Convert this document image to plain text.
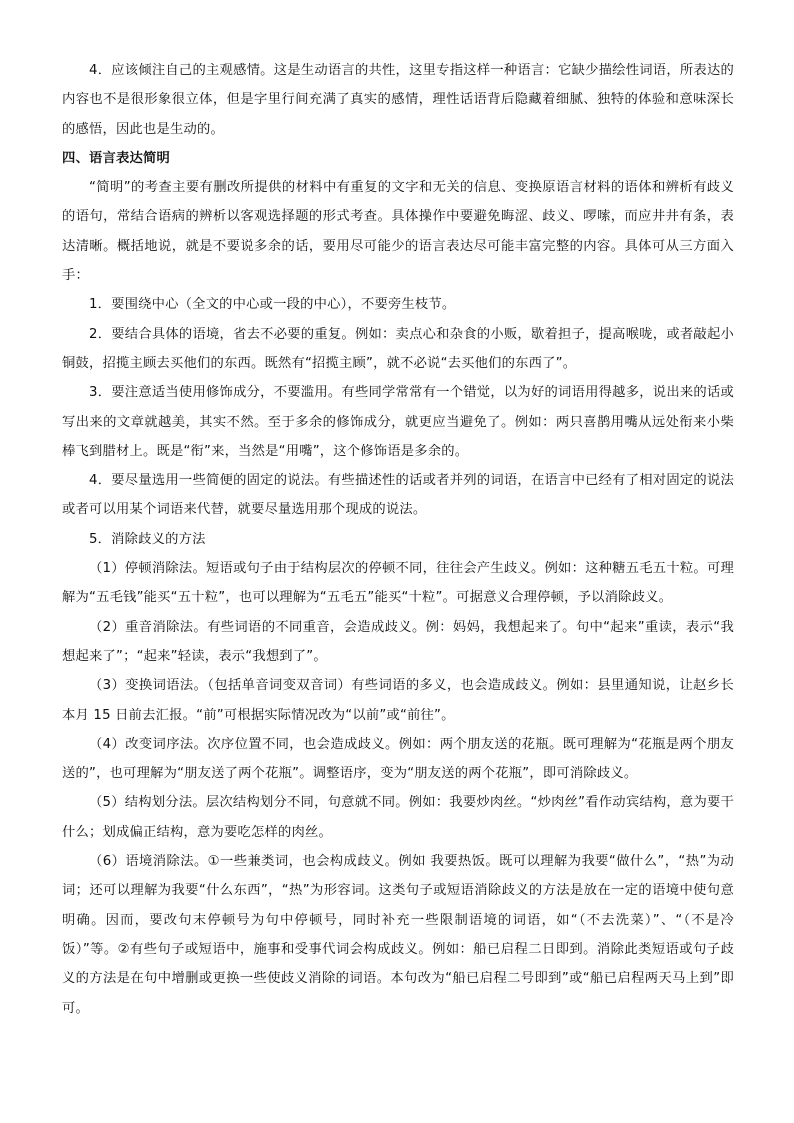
4．应该倾注自己的主观感情。这是生动语言的共性，这里专指这样一种语言：它缺少描绘性词语，所表达的内容也不是很形象很立体，但是字里行间充满了真实的感情，理性话语背后隐藏着细腻、独特的体验和意味深长的感悟，因此也是生动的。

四、语言表达简明

“简明”的考查主要有删改所提供的材料中有重复的文字和无关的信息、变换原语言材料的语体和辨析有歧义的语句，常结合语病的辨析以客观选择题的形式考查。具体操作中要避免晦涩、歧义、啰嗦，而应井井有条，表达清晰。概括地说，就是不要说多余的话，要用尽可能少的语言表达尽可能丰富完整的内容。具体可从三方面入手：

1．要围绕中心（全文的中心或一段的中心），不要旁生枝节。

2．要结合具体的语境，省去不必要的重复。例如：卖点心和杂食的小贩，歇着担子，提高喉咙，或者敲起小铜鼓，招揽主顾去买他们的东西。既然有“招揽主顾”，就不必说“去买他们的东西了”。

3．要注意适当使用修饰成分，不要滥用。有些同学常常有一个错觉，以为好的词语用得越多，说出来的话或写出来的文章就越美，其实不然。至于多余的修饰成分，就更应当避免了。例如：两只喜鹊用嘴从远处衔来小柴棒飞到腊材上。既是“衔”来，当然是“用嘴”，这个修饰语是多余的。

4．要尽量选用一些简便的固定的说法。有些描述性的话或者并列的词语，在语言中已经有了相对固定的说法或者可以用某个词语来代替，就要尽量选用那个现成的说法。

5．消除歧义的方法

（1）停顿消除法。短语或句子由于结构层次的停顿不同，往往会产生歧义。例如：这种糖五毛五十粒。可理解为“五毛钱”能买“五十粒”，也可以理解为“五毛五”能买“十粒”。可据意义合理停顿，予以消除歧义。

（2）重音消除法。有些词语的不同重音，会造成歧义。例：妈妈，我想起来了。句中“起来”重读，表示“我想起来了”；“起来”轻读，表示“我想到了”。

（3）变换词语法。（包括单音词变双音词）有些词语的多义，也会造成歧义。例如：县里通知说，让赵乡长本月 15 日前去汇报。“前”可根据实际情况改为“以前”或“前往”。

（4）改变词序法。次序位置不同，也会造成歧义。例如：两个朋友送的花瓶。既可理解为“花瓶是两个朋友送的”，也可理解为“朋友送了两个花瓶”。调整语序，变为“朋友送的两个花瓶”，即可消除歧义。

（5）结构划分法。层次结构划分不同，句意就不同。例如：我要炒肉丝。“炒肉丝”看作动宾结构，意为要干什么；划成偏正结构，意为要吃怎样的肉丝。

（6）语境消除法。①一些兼类词，也会构成歧义。例如 我要热饭。既可以理解为我要“做什么”，“热”为动词；还可以理解为我要“什么东西”，“热”为形容词。这类句子或短语消除歧义的方法是放在一定的语境中使句意明确。因而，要改句末停顿号为句中停顿号，同时补充一些限制语境的词语，如“（不去洗菜）”、“（不是冷饭）”等。②有些句子或短语中，施事和受事代词会构成歧义。例如：船已启程二日即到。消除此类短语或句子歧义的方法是在句中增删或更换一些使歧义消除的词语。本句改为“船已启程二号即到”或“船已启程两天马上到”即可。
